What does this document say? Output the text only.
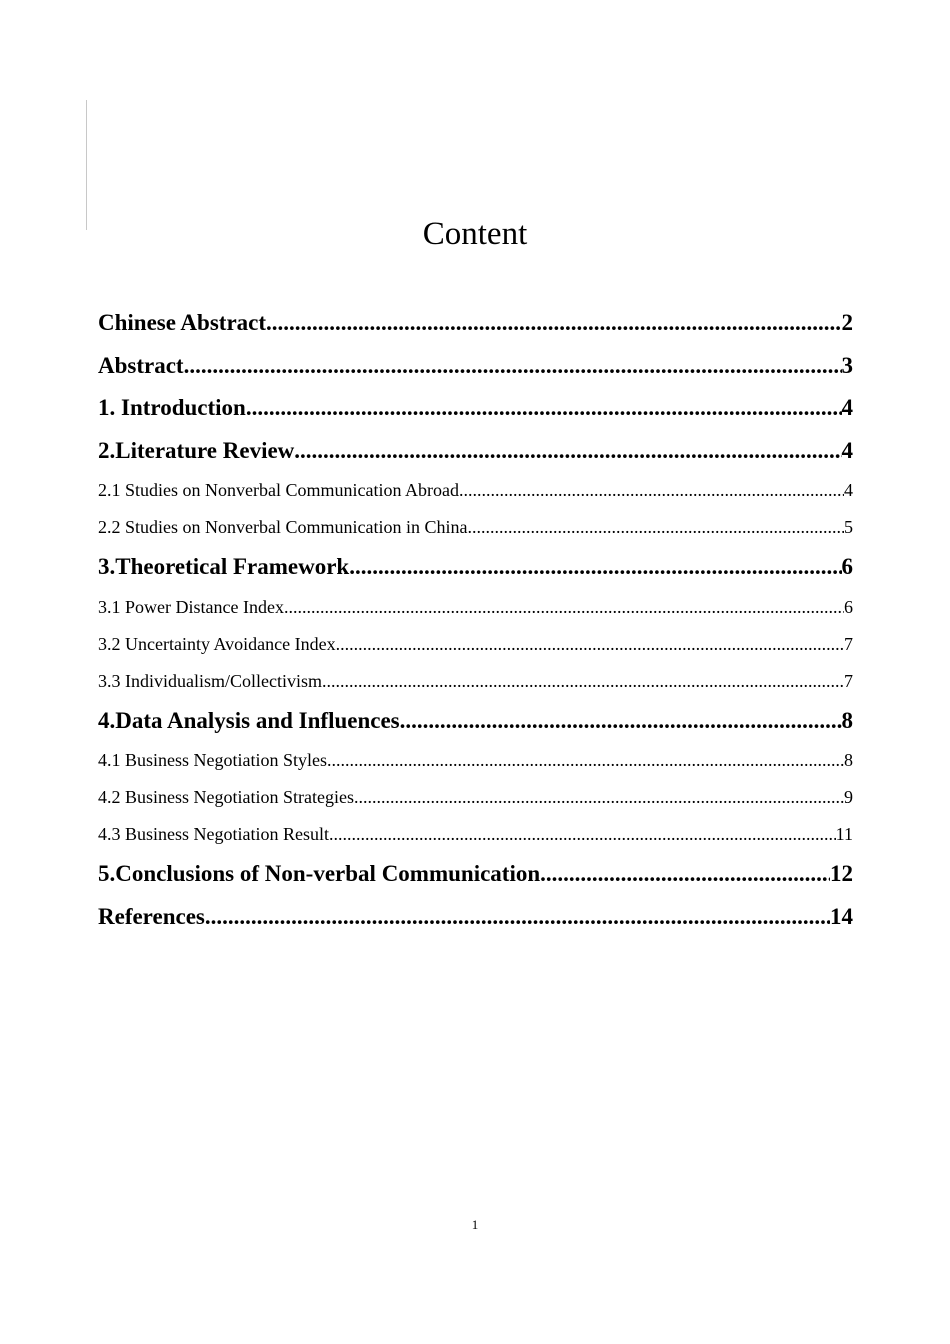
Content
Chinese Abstract .....	2
Abstract .....	3
1. Introduction .....	4
2.Literature Review .....	4
2.1 Studies on Nonverbal Communication Abroad .....	4
2.2 Studies on Nonverbal Communication in China .....	5
3.Theoretical Framework .....	6
3.1 Power Distance Index .....	6
3.2 Uncertainty Avoidance Index .....	7
3.3 Individualism/Collectivism .....	7
4.Data Analysis and Influences .....	8
4.1 Business Negotiation Styles .....	8
4.2 Business Negotiation Strategies .....	9
4.3 Business Negotiation Result .....	11
5.Conclusions of Non-verbal Communication .....	12
References .....	14
1
